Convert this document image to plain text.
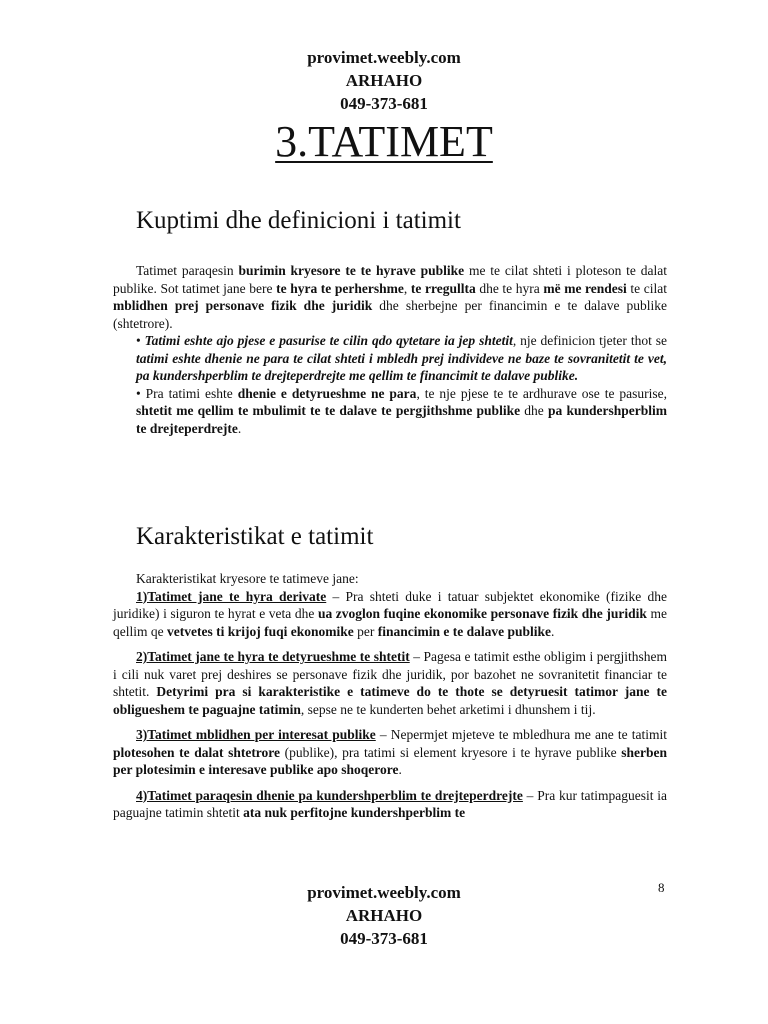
provimet.weebly.com
ARHAHO
049-373-681
3.TATIMET
Kuptimi dhe definicioni i tatimit

Tatimet paraqesin burimin kryesore te te hyrave publike me te cilat shteti i ploteson te dalat publike. Sot tatimet jane bere te hyra te perhershme, te rregullta dhe te hyra më me rendesi te cilat mblidhen prej personave fizik dhe juridik dhe sherbejne per financimin e te dalave publike (shtetrore).

• Tatimi eshte ajo pjese e pasurise te cilin qdo qytetare ia jep shtetit, nje definicion tjeter thot se tatimi eshte dhenie ne para te cilat shteti i mbledh prej individeve ne baze te sovranitetit te vet, pa kundershperblim te drejteperdrejte me qellim te financimit te dalave publike.

• Pra tatimi eshte dhenie e detyrueshme ne para, te nje pjese te te ardhurave ose te pasurise, shtetit me qellim te mbulimit te te dalave te pergjithshme publike dhe pa kundershperblim te drejteperdrejte.

Karakteristikat e tatimit

Karakteristikat kryesore te tatimeve jane:

1)Tatimet jane te hyra derivate – Pra shteti duke i tatuar subjektet ekonomike (fizike dhe juridike) i siguron te hyrat e veta dhe ua zvoglon fuqine ekonomike personave fizik dhe juridik me qellim qe vetvetes ti krijoj fuqi ekonomike per financimin e te dalave publike.

2)Tatimet jane te hyra te detyrueshme te shtetit – Pagesa e tatimit esthe obligim i pergjithshem i cili nuk varet prej deshires se personave fizik dhe juridik, por bazohet ne sovranitetit financiar te shtetit. Detyrimi pra si karakteristike e tatimeve do te thote se detyruesit tatimor jane te obligueshem te paguajne tatimin, sepse ne te kunderten behet arketimi i dhunshem i tij.

3)Tatimet mblidhen per interesat publike – Nepermjet mjeteve te mbledhura me ane te tatimit plotesohen te dalat shtetrore (publike), pra tatimi si element kryesore i te hyrave publike sherben per plotesimin e interesave publike apo shoqerore.

4)Tatimet paraqesin dhenie pa kundershperblim te drejteperdrejte – Pra kur tatimpaguesit ia paguajne tatimin shtetit ata nuk perfitojne kundershperblim te

8
provimet.weebly.com
ARHAHO
049-373-681
